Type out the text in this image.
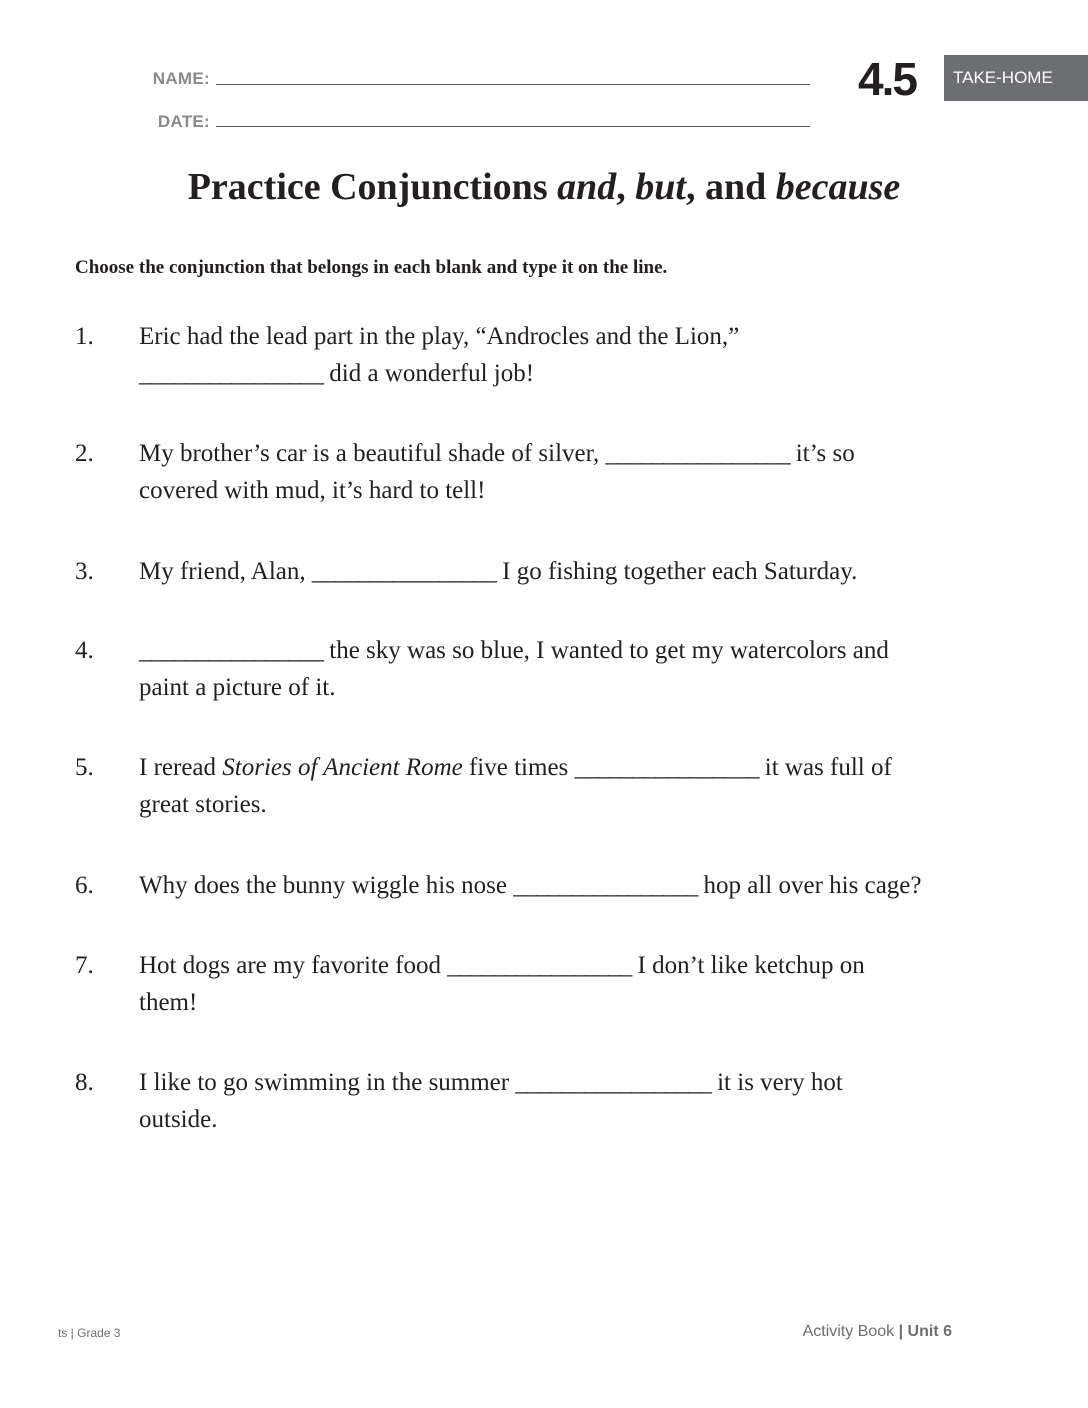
NAME:
DATE:
4.5	TAKE-HOME
Practice Conjunctions and, but, and because
Choose the conjunction that belongs in each blank and type it on the line.
1. Eric had the lead part in the play, “Androcles and the Lion,”
________________ did a wonderful job!
2. My brother’s car is a beautiful shade of silver, ________________ it’s so
covered with mud, it’s hard to tell!
3. My friend, Alan, ________________ I go fishing together each Saturday.
4. ________________ the sky was so blue, I wanted to get my watercolors and
paint a picture of it.
5. I reread Stories of Ancient Rome five times ________________ it was full of
great stories.
6. Why does the bunny wiggle his nose ________________ hop all over his cage?
7. Hot dogs are my favorite food ________________ I don’t like ketchup on
them!
8. I like to go swimming in the summer _________________ it is very hot
outside.
ts | Grade 3	Activity Book | Unit 6
